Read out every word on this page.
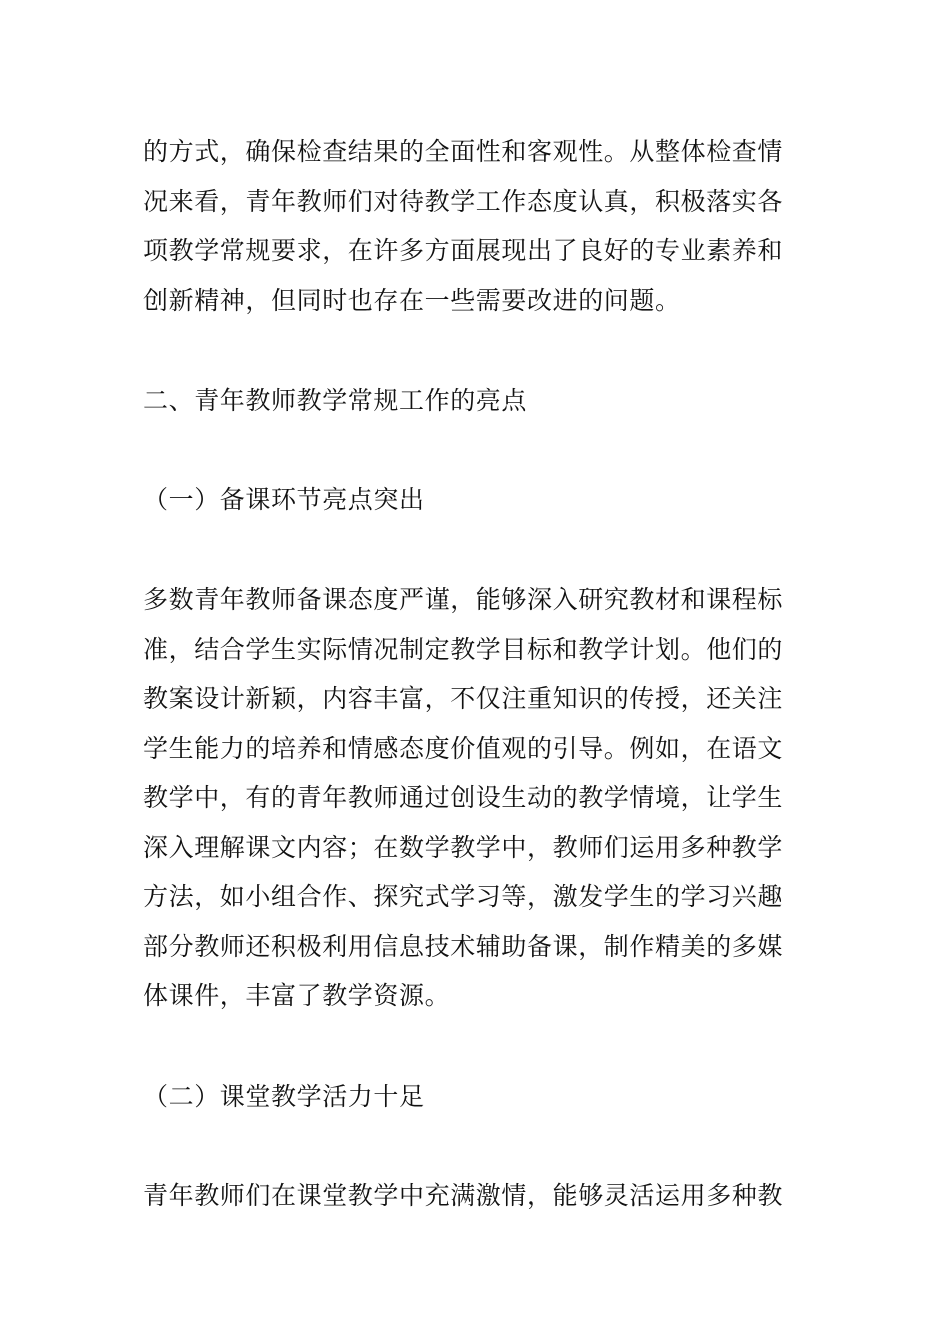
的方式，确保检查结果的全面性和客观性。从整体检查情
况来看，青年教师们对待教学工作态度认真，积极落实各
项教学常规要求，在许多方面展现出了良好的专业素养和
创新精神，但同时也存在一些需要改进的问题。
二、青年教师教学常规工作的亮点
（一）备课环节亮点突出
多数青年教师备课态度严谨，能够深入研究教材和课程标
准，结合学生实际情况制定教学目标和教学计划。他们的
教案设计新颖，内容丰富，不仅注重知识的传授，还关注
学生能力的培养和情感态度价值观的引导。例如，在语文
教学中，有的青年教师通过创设生动的教学情境，让学生
深入理解课文内容；在数学教学中，教师们运用多种教学
方法，如小组合作、探究式学习等，激发学生的学习兴趣
部分教师还积极利用信息技术辅助备课，制作精美的多媒
体课件，丰富了教学资源。
（二）课堂教学活力十足
青年教师们在课堂教学中充满激情，能够灵活运用多种教
